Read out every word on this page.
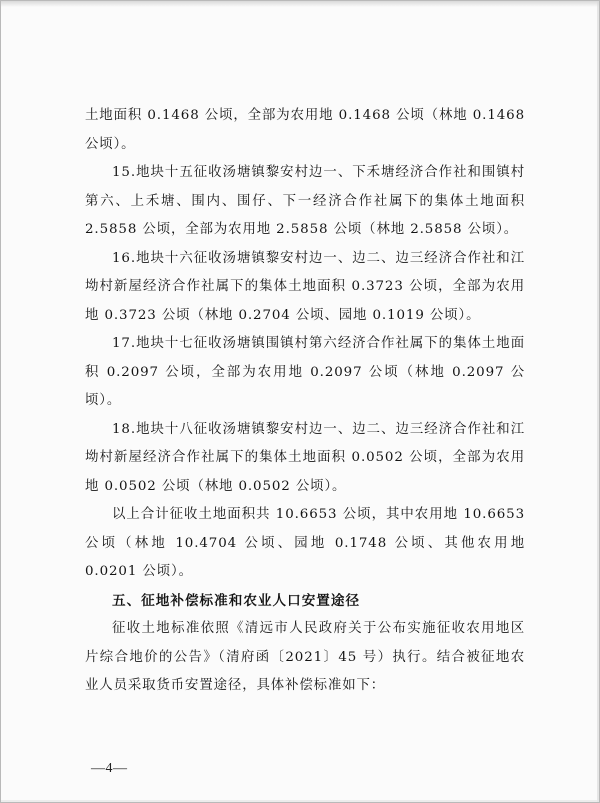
土地面积 0.1468 公顷，全部为农用地 0.1468 公顷（林地 0.1468 公顷）。

15.地块十五征收汤塘镇黎安村边一、下禾塘经济合作社和围镇村第六、上禾塘、围内、围仔、下一经济合作社属下的集体土地面积 2.5858 公顷，全部为农用地 2.5858 公顷（林地 2.5858 公顷）。

16.地块十六征收汤塘镇黎安村边一、边二、边三经济合作社和江坳村新屋经济合作社属下的集体土地面积 0.3723 公顷，全部为农用地 0.3723 公顷（林地 0.2704 公顷、园地 0.1019 公顷）。

17.地块十七征收汤塘镇围镇村第六经济合作社属下的集体土地面积 0.2097 公顷，全部为农用地 0.2097 公顷（林地 0.2097 公顷）。

18.地块十八征收汤塘镇黎安村边一、边二、边三经济合作社和江坳村新屋经济合作社属下的集体土地面积 0.0502 公顷，全部为农用地 0.0502 公顷（林地 0.0502 公顷）。

以上合计征收土地面积共 10.6653 公顷，其中农用地 10.6653 公顷（林地 10.4704 公顷、园地 0.1748 公顷、其他农用地 0.0201 公顷）。

五、征地补偿标准和农业人口安置途径

征收土地标准依照《清远市人民政府关于公布实施征收农用地区片综合地价的公告》（清府函〔2021〕45 号）执行。结合被征地农业人员采取货币安置途径，具体补偿标准如下：

—4—
